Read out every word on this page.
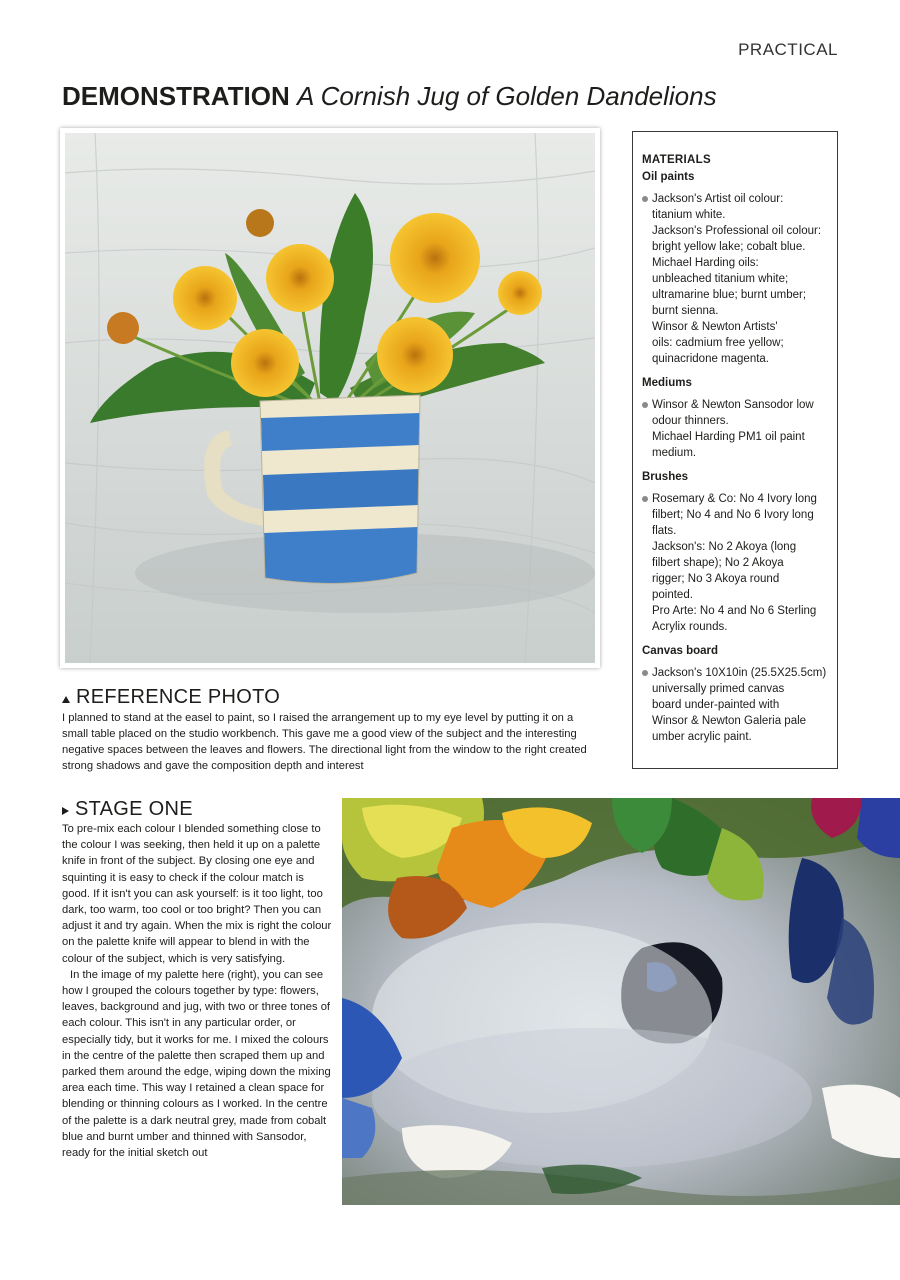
PRACTICAL
DEMONSTRATION A Cornish Jug of Golden Dandelions
MATERIALS
Oil paints
Jackson's Artist oil colour:
titanium white.
Jackson's Professional oil colour:
bright yellow lake; cobalt blue.
Michael Harding oils:
unbleached titanium white;
ultramarine blue; burnt umber;
burnt sienna.
Winsor & Newton Artists'
oils: cadmium free yellow;
quinacridone magenta.
Mediums
Winsor & Newton Sansodor low
odour thinners.
Michael Harding PM1 oil paint
medium.
Brushes
Rosemary & Co: No 4 Ivory long
filbert; No 4 and No 6 Ivory long
flats.
Jackson's: No 2 Akoya (long
filbert shape); No 2 Akoya
rigger; No 3 Akoya round
pointed.
Pro Arte: No 4 and No 6 Sterling
Acrylix rounds.
Canvas board
Jackson's 10X10in (25.5X25.5cm)
universally primed canvas
board under-painted with
Winsor & Newton Galeria pale
umber acrylic paint.
REFERENCE PHOTO

I planned to stand at the easel to paint, so I raised the arrangement up to my eye level by putting it on a small table placed on the studio workbench. This gave me a good view of the subject and the interesting negative spaces between the leaves and flowers. The directional light from the window to the right created strong shadows and gave the composition depth and interest

STAGE ONE

To pre-mix each colour I blended something close to the colour I was seeking, then held it up on a palette knife in front of the subject. By closing one eye and squinting it is easy to check if the colour match is good. If it isn't you can ask yourself: is it too light, too dark, too warm, too cool or too bright? Then you can adjust it and try again. When the mix is right the colour on the palette knife will appear to blend in with the colour of the subject, which is very satisfying.

In the image of my palette here (right), you can see how I grouped the colours together by type: flowers, leaves, background and jug, with two or three tones of each colour. This isn't in any particular order, or especially tidy, but it works for me. I mixed the colours in the centre of the palette then scraped them up and parked them around the edge, wiping down the mixing area each time. This way I retained a clean space for blending or thinning colours as I worked. In the centre of the palette is a dark neutral grey, made from cobalt blue and burnt umber and thinned with Sansodor, ready for the initial sketch out
